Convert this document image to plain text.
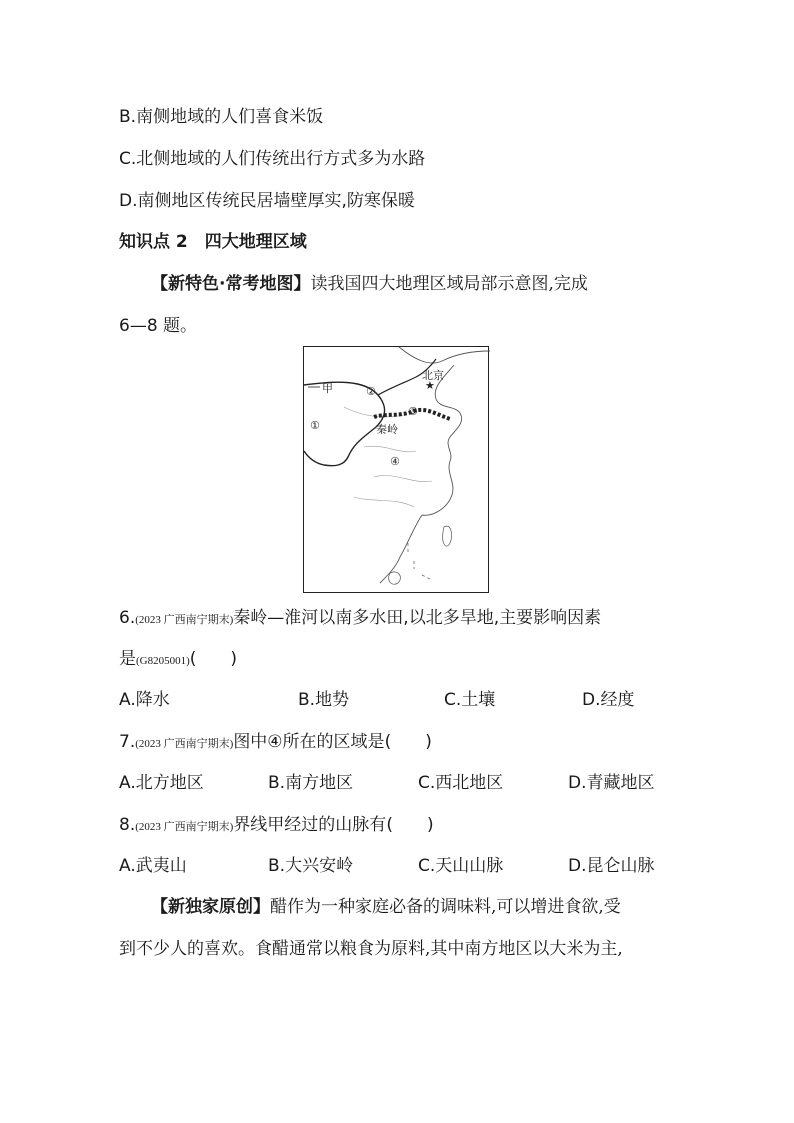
B.南侧地域的人们喜食米饭
C.北侧地域的人们传统出行方式多为水路
D.南侧地区传统民居墙壁厚实,防寒保暖
知识点 2　四大地理区域
【新特色·常考地图】读我国四大地理区域局部示意图,完成
6—8 题。
★
北京
甲
秦岭
①
②
③
④
6.(2023 广西南宁期末)秦岭—淮河以南多水田,以北多旱地,主要影响因素
是(G8205001)(　　)
A.降水	B.地势	C.土壤	D.经度
7.(2023 广西南宁期末)图中④所在的区域是(　　)
A.北方地区	B.南方地区	C.西北地区	D.青藏地区
8.(2023 广西南宁期末)界线甲经过的山脉有(　　)
A.武夷山	B.大兴安岭	C.天山山脉	D.昆仑山脉
【新独家原创】醋作为一种家庭必备的调味料,可以增进食欲,受
到不少人的喜欢。食醋通常以粮食为原料,其中南方地区以大米为主,
